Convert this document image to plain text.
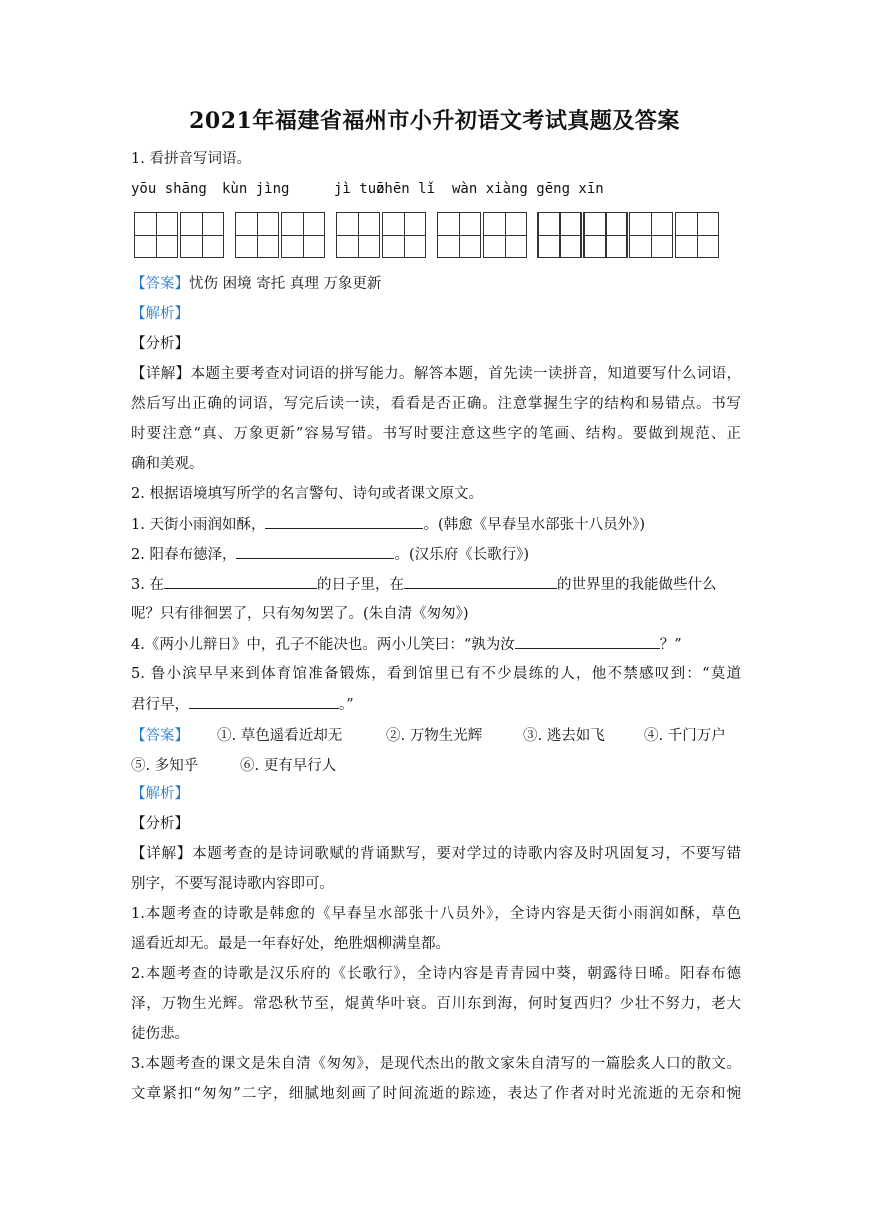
2021年福建省福州市小升初语文考试真题及答案
1. 看拼音写词语。
yōu shāng kùn jìng	jì tuō
zhēn lǐ wàn xiàng gēng xīn
【答案】忧伤 困境 寄托 真理 万象更新
【解析】
【分析】
【详解】本题主要考查对词语的拼写能力。解答本题，首先读一读拼音，知道要写什么词语，
然后写出正确的词语，写完后读一读，看看是否正确。注意掌握生字的结构和易错点。书写
时要注意“真、万象更新”容易写错。书写时要注意这些字的笔画、结构。要做到规范、正
确和美观。
2. 根据语境填写所学的名言警句、诗句或者课文原文。
1. 天街小雨润如酥，	。(韩愈《早春呈水部张十八员外》)
2. 阳春布德泽，	。(汉乐府《长歌行》)
3. 在	的日子里，在	的世界里的我能做些什么
呢？只有徘徊罢了，只有匆匆罢了。(朱自清《匆匆》)
4.《两小儿辩日》中，孔子不能决也。两小儿笑曰：“孰为汝	？”
5. 鲁小滨早早来到体育馆准备锻炼，看到馆里已有不少晨练的人，他不禁感叹到：“莫道
君行早，	。”
【答案】 ①. 草色遥看近却无	②. 万物生光辉	③. 逃去如飞	④. 千门万户
⑤. 多知乎	⑥. 更有早行人
【解析】
【分析】
【详解】本题考查的是诗词歌赋的背诵默写，要对学过的诗歌内容及时巩固复习，不要写错
别字，不要写混诗歌内容即可。
1.本题考查的诗歌是韩愈的《早春呈水部张十八员外》，全诗内容是天街小雨润如酥，草色
遥看近却无。最是一年春好处，绝胜烟柳满皇都。
2.本题考查的诗歌是汉乐府的《长歌行》，全诗内容是青青园中葵，朝露待日晞。阳春布德
泽，万物生光辉。常恐秋节至，焜黄华叶衰。百川东到海，何时复西归？少壮不努力，老大
徒伤悲。
3.本题考查的课文是朱自清《匆匆》，是现代杰出的散文家朱自清写的一篇脍炙人口的散文。
文章紧扣“匆匆”二字，细腻地刻画了时间流逝的踪迹，表达了作者对时光流逝的无奈和惋
